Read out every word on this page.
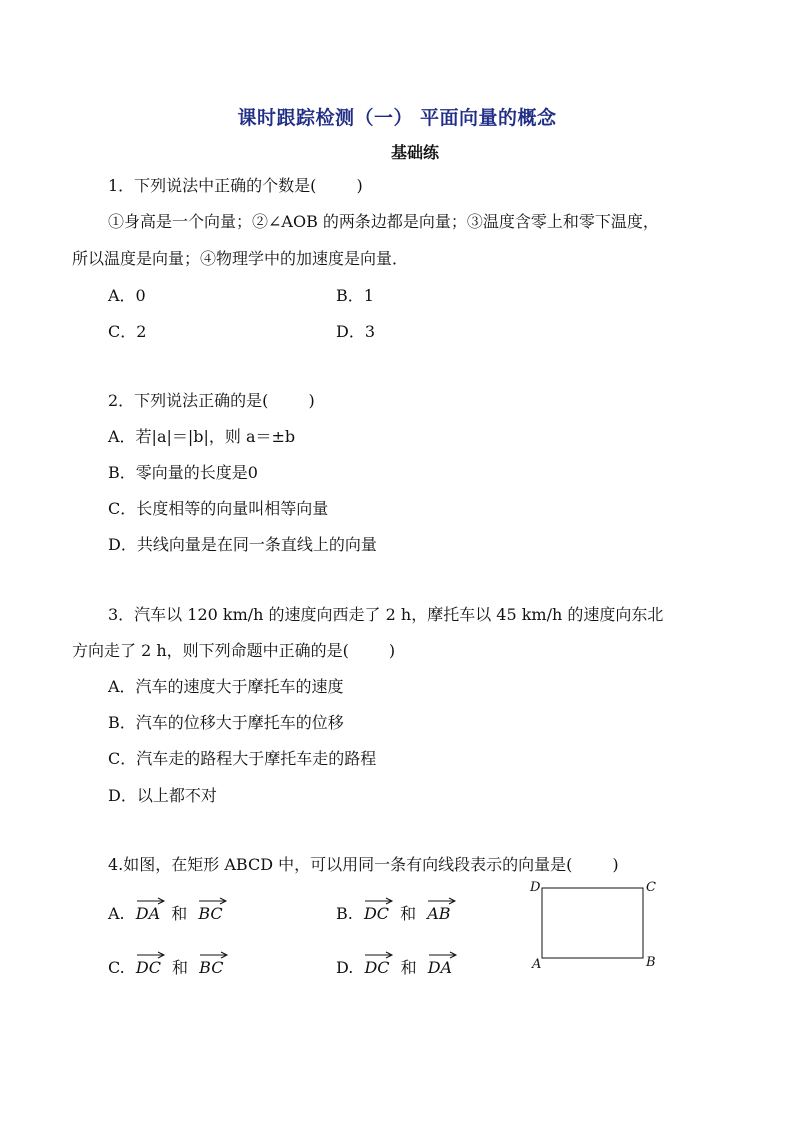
课时跟踪检测（一） 平面向量的概念
基础练
1．下列说法中正确的个数是(	)
①身高是一个向量；②∠AOB 的两条边都是向量；③温度含零上和零下温度，
所以温度是向量；④物理学中的加速度是向量．
A．0	B．1
C．2	D．3
2．下列说法正确的是(	)
A．若|a|＝|b|，则 a＝±b
B．零向量的长度是0
C．长度相等的向量叫相等向量
D．共线向量是在同一条直线上的向量
3．汽车以 120 km/h 的速度向西走了 2 h，摩托车以 45 km/h 的速度向东北
方向走了 2 h，则下列命题中正确的是(	)
A．汽车的速度大于摩托车的速度
B．汽车的位移大于摩托车的位移
C．汽车走的路程大于摩托车走的路程
D．以上都不对
4.如图，在矩形 ABCD 中，可以用同一条有向线段表示的向量是(	)
A. DA 和 BC	B. DC 和 AB
C. DC 和 BC	D. DC 和 DA
D	C
A	B
